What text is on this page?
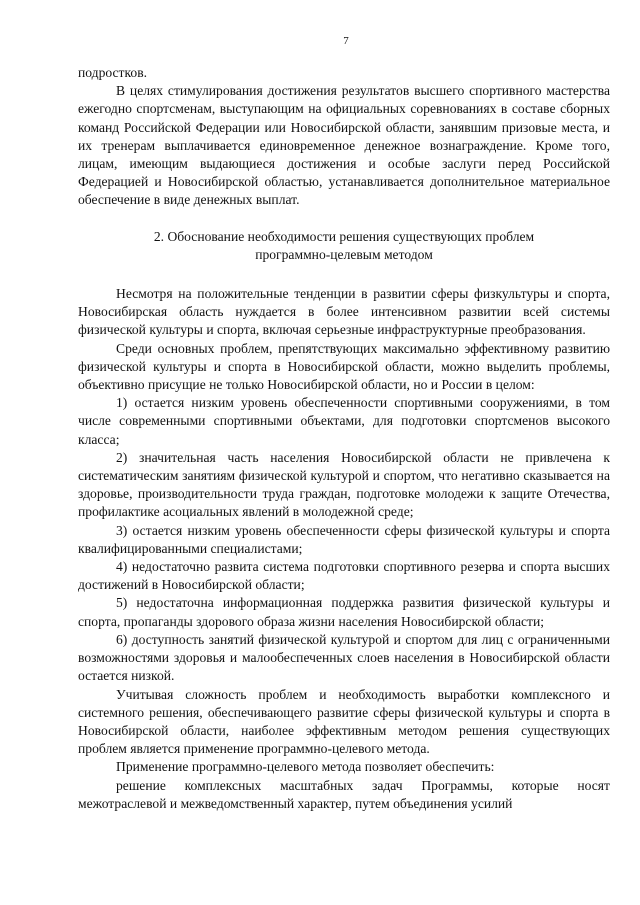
7

подростков.

В целях стимулирования достижения результатов высшего спортивного мастерства ежегодно спортсменам, выступающим на официальных соревнованиях в составе сборных команд Российской Федерации или Новосибирской области, занявшим призовые места, и их тренерам выплачивается единовременное денежное вознаграждение. Кроме того, лицам, имеющим выдающиеся достижения и особые заслуги перед Российской Федерацией и Новосибирской областью, устанавливается дополнительное материальное обеспечение в виде денежных выплат.

2. Обоснование необходимости решения существующих проблем
программно-целевым методом

Несмотря на положительные тенденции в развитии сферы физкультуры и спорта, Новосибирская область нуждается в более интенсивном развитии всей системы физической культуры и спорта, включая серьезные инфраструктурные преобразования.

Среди основных проблем, препятствующих максимально эффективному развитию физической культуры и спорта в Новосибирской области, можно выделить проблемы, объективно присущие не только Новосибирской области, но и России в целом:

1) остается низким уровень обеспеченности спортивными сооружениями, в том числе современными спортивными объектами, для подготовки спортсменов высокого класса;

2) значительная часть населения Новосибирской области не привлечена к систематическим занятиям физической культурой и спортом, что негативно сказывается на здоровье, производительности труда граждан, подготовке молодежи к защите Отечества, профилактике асоциальных явлений в молодежной среде;

3) остается низким уровень обеспеченности сферы физической культуры и спорта квалифицированными специалистами;

4) недостаточно развита система подготовки спортивного резерва и спорта высших достижений в Новосибирской области;

5) недостаточна информационная поддержка развития физической культуры и спорта, пропаганды здорового образа жизни населения Новосибирской области;

6) доступность занятий физической культурой и спортом для лиц с ограниченными возможностями здоровья и малообеспеченных слоев населения в Новосибирской области остается низкой.

Учитывая сложность проблем и необходимость выработки комплексного и системного решения, обеспечивающего развитие сферы физической культуры и спорта в Новосибирской области, наиболее эффективным методом решения существующих проблем является применение программно-целевого метода.

Применение программно-целевого метода позволяет обеспечить:

решение комплексных масштабных задач Программы, которые носят межотраслевой и межведомственный характер, путем объединения усилий
